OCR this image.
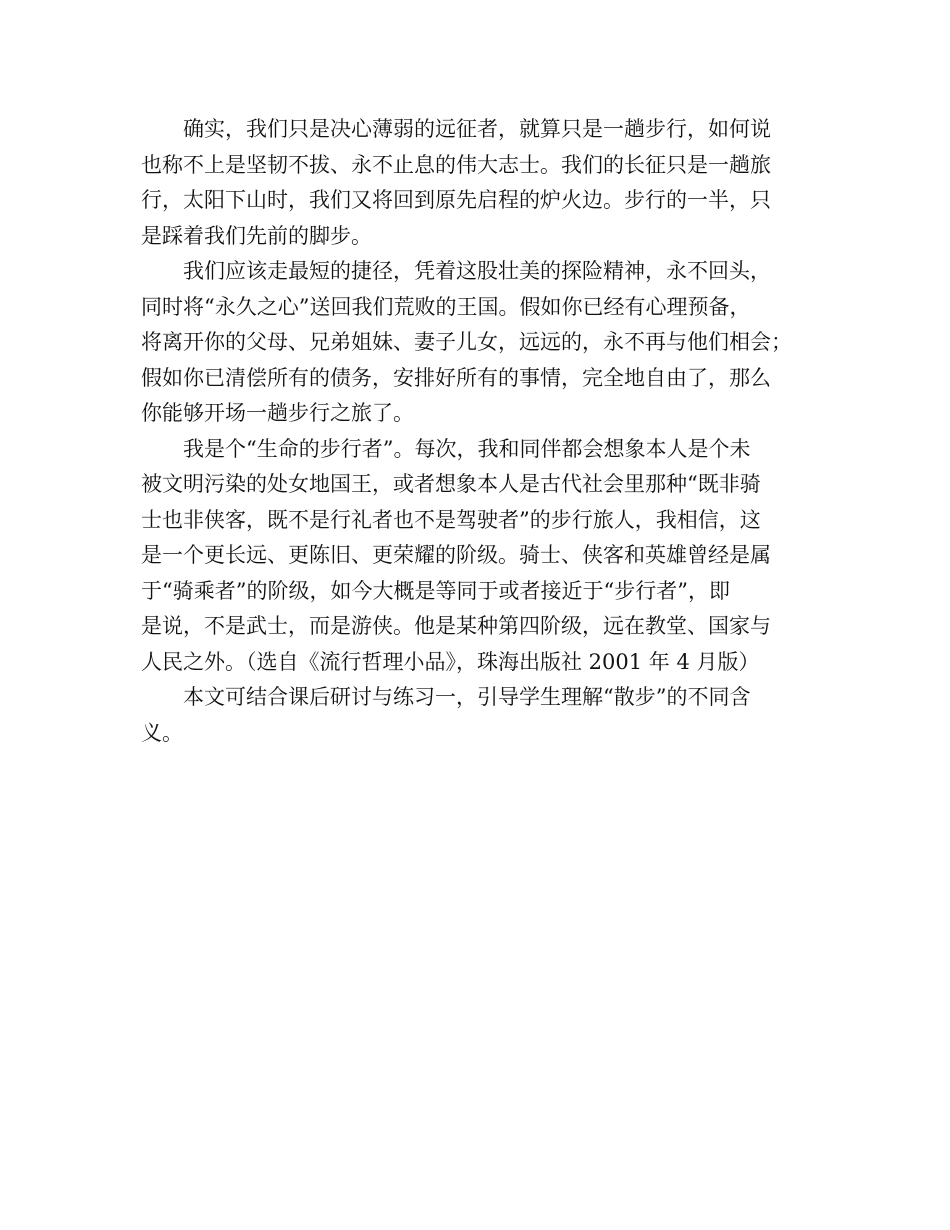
确实，我们只是决心薄弱的远征者，就算只是一趟步行，如何说
也称不上是坚韧不拔、永不止息的伟大志士。我们的长征只是一趟旅
行，太阳下山时，我们又将回到原先启程的炉火边。步行的一半，只
是踩着我们先前的脚步。
我们应该走最短的捷径，凭着这股壮美的探险精神，永不回头，
同时将“永久之心”送回我们荒败的王国。假如你已经有心理预备，
将离开你的父母、兄弟姐妹、妻子儿女，远远的，永不再与他们相会；
假如你已清偿所有的债务，安排好所有的事情，完全地自由了，那么
你能够开场一趟步行之旅了。
我是个“生命的步行者”。每次，我和同伴都会想象本人是个未
被文明污染的处女地国王，或者想象本人是古代社会里那种“既非骑
士也非侠客，既不是行礼者也不是驾驶者”的步行旅人，我相信，这
是一个更长远、更陈旧、更荣耀的阶级。骑士、侠客和英雄曾经是属
于“骑乘者”的阶级，如今大概是等同于或者接近于“步行者”，即
是说，不是武士，而是游侠。他是某种第四阶级，远在教堂、国家与
人民之外。（选自《流行哲理小品》，珠海出版社 2001 年 4 月版）
本文可结合课后研讨与练习一，引导学生理解“散步”的不同含
义。
